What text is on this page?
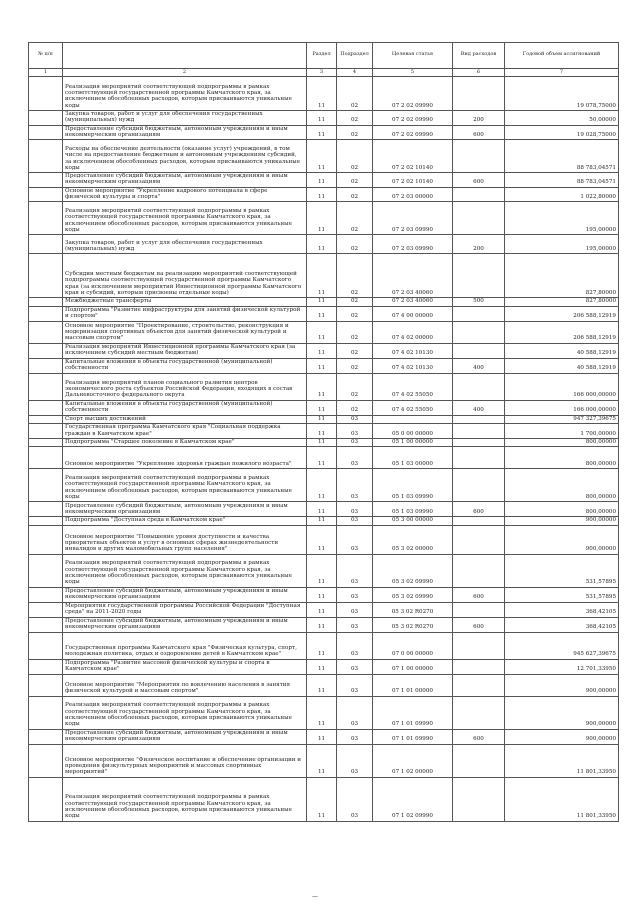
№ п/п		Раздел	Подраздел	Целевая статья	Вид расходов	Годовой объем ассигнований
1	2	3	4	5	6	7
	Реализация мероприятий соответствующей подпрограммы в рамках соответствующей государственной программы Камчатского края, за исключением обособленных расходов, которым присваиваются уникальные коды	11	02	07 2 02 09990		19 078,75000
	Закупка товаров, работ и услуг для обеспечения государственных (муниципальных) нужд	11	02	07 2 02 09990	200	50,00000
	Предоставление субсидий бюджетным, автономным учреждениям и иным некоммерческим организациям	11	02	07 2 02 09990	600	19 028,75000
	Расходы на обеспечение деятельности (оказание услуг) учреждений, в том числе на предоставление бюджетным и автономным учреждениям субсидий, за исключением обособленных расходов, которым присваиваются уникальные коды	11	02	07 2 02 10140		88 783,04571
	Предоставление субсидий бюджетным, автономным учреждениям и иным некоммерческим организациям	11	02	07 2 02 10140	600	88 783,04571
	Основное мероприятие "Укрепление кадрового потенциала в сфере физической культуры и спорта"	11	02	07 2 03 00000		1 022,80000
	Реализация мероприятий соответствующей подпрограммы в рамках соответствующей государственной программы Камчатского края, за исключением обособленных расходов, которым присваиваются уникальные коды	11	02	07 2 03 09990		195,00000
	Закупка товаров, работ и услуг для обеспечения государственных (муниципальных) нужд	11	02	07 2 03 09990	200	195,00000
	Субсидии местным бюджетам на реализацию мероприятий соответствующей подпрограммы соответствующей государственной программы Камчатского края (за исключением мероприятий Инвестиционной программы Камчатского края и субсидий, которым присвоены отдельные коды)	11	02	07 2 03 40060		827,80000
	Межбюджетные трансферты	11	02	07 2 03 40060	500	827,80000
	Подпрограмма "Развитие инфраструктуры для занятий физической культурой и спортом"	11	02	07 4 00 00000		206 588,12919
	Основное мероприятие "Проектирование, строительство, реконструкция и модернизация спортивных объектов для занятий физической культурой и массовым спортом"	11	02	07 4 02 00000		206 588,12919
	Реализация мероприятий Инвестиционной программы Камчатского края (за исключением субсидий местным бюджетам)	11	02	07 4 02 10130		40 588,12919
	Капитальные вложения в объекты государственной (муниципальной) собственности	11	02	07 4 02 10130	400	40 588,12919
	Реализация мероприятий планов социального развития центров экономического роста субъектов Российской Федерации, входящих в состав Дальневосточного федерального округа	11	02	07 4 02 55050		166 000,00000
	Капитальные вложения в объекты государственной (муниципальной) собственности	11	02	07 4 02 55050	400	166 000,00000
	Спорт высших достижений	11	03			947 327,39675
	Государственная программа Камчатского края "Социальная поддержка граждан в Камчатском крае"	11	03	05 0 00 00000		1 700,00000
	Подпрограмма "Старшее поколение в Камчатском крае"	11	03	05 1 00 00000		800,00000
	Основное мероприятие "Укрепление здоровья граждан пожилого возраста"	11	03	05 1 03 00000		800,00000
	Реализация мероприятий соответствующей подпрограммы в рамках соответствующей государственной программы Камчатского края, за исключением обособленных расходов, которым присваиваются уникальные коды	11	03	05 1 03 09990		800,00000
	Предоставление субсидий бюджетным, автономным учреждениям и иным некоммерческим организациям	11	03	05 1 03 09990	600	800,00000
	Подпрограмма "Доступная среда в Камчатском крае"	11	03	05 3 00 00000		900,00000
	Основное мероприятие "Повышение уровня доступности и качества приоритетных объектов и услуг в основных сферах жизнедеятельности инвалидов и других маломобильных групп населения"	11	03	05 3 02 00000		900,00000
	Реализация мероприятий соответствующей подпрограммы в рамках соответствующей государственной программы Камчатского края, за исключением обособленных расходов, которым присваиваются уникальные коды	11	03	05 3 02 09990		531,57895
	Предоставление субсидий бюджетным, автономным учреждениям и иным некоммерческим организациям	11	03	05 3 02 09990	600	531,57895
	Мероприятия государственной программы Российской Федерации "Доступная среда" на 2011-2020 годы	11	03	05 3 02 R0270		368,42105
	Предоставление субсидий бюджетным, автономным учреждениям и иным некоммерческим организациям	11	03	05 3 02 R0270	600	368,42105
	Государственная программа Камчатского края "Физическая культура, спорт, молодежная политика, отдых и оздоровление детей в Камчатском крае"	11	03	07 0 00 00000		945 627,39675
	Подпрограмма "Развитие массовой физической культуры и спорта в Камчатском крае"	11	03	07 1 00 00000		12 701,33950
	Основное мероприятие "Мероприятия по вовлечению населения в занятия физической культурой и массовым спортом"	11	03	07 1 01 00000		900,00000
	Реализация мероприятий соответствующей подпрограммы в рамках соответствующей государственной программы Камчатского края, за исключением обособленных расходов, которым присваиваются уникальные коды	11	03	07 1 01 09990		900,00000
	Предоставление субсидий бюджетным, автономным учреждениям и иным некоммерческим организациям	11	03	07 1 01 09990	600	900,00000
	Основное мероприятие "Физическое воспитание и обеспечение организации и проведения физкультурных мероприятий и массовых спортивных мероприятий"	11	03	07 1 02 00000		11 801,33950
	Реализация мероприятий соответствующей подпрограммы в рамках соответствующей государственной программы Камчатского края, за исключением обособленных расходов, которым присваиваются уникальные коды	11	03	07 1 02 09990		11 801,33950
—
